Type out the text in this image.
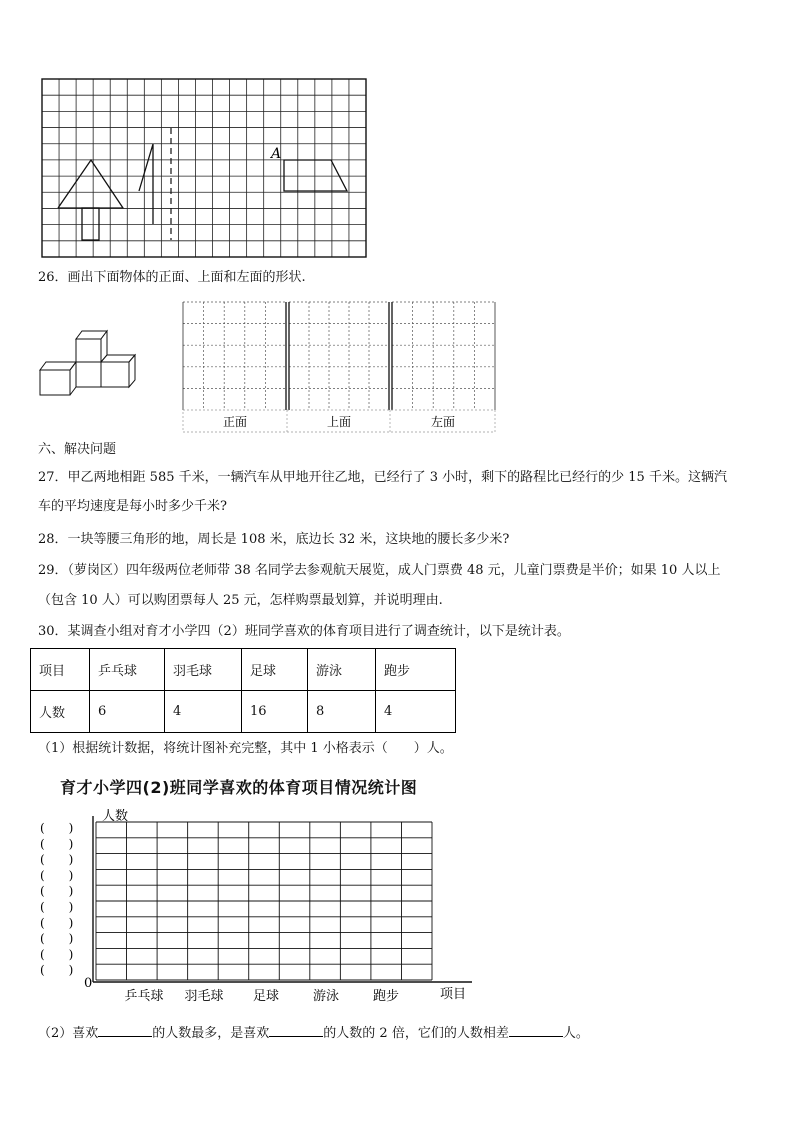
A
26．画出下面物体的正面、上面和左面的形状.
正面	上面	左面
六、解决问题
27．甲乙两地相距 585 千米，一辆汽车从甲地开往乙地，已经行了 3 小时，剩下的路程比已经行的少 15 千米。这辆汽
车的平均速度是每小时多少千米?
28．一块等腰三角形的地，周长是 108 米，底边长 32 米，这块地的腰长多少米?
29．（萝岗区）四年级两位老师带 38 名同学去参观航天展览，成人门票费 48 元，儿童门票费是半价；如果 10 人以上
（包含 10 人）可以购团票每人 25 元，怎样购票最划算，并说明理由.
30．某调查小组对育才小学四（2）班同学喜欢的体育项目进行了调查统计，以下是统计表。
项目	乒乓球	羽毛球	足球	游泳	跑步
人数	6	4	16	8	4
（1）根据统计数据，将统计图补充完整，其中 1 小格表示（　　）人。
育才小学四(2)班同学喜欢的体育项目情况统计图
(　　)
(　　)
(　　)
(　　)
(　　)
(　　)
(　　)
(　　)
(　　)
(　　)
乒乓球 羽毛球 足球	游泳	跑步
人数
项目
0
（2）喜欢	的人数最多，是喜欢	的人数的 2 倍，它们的人数相差	人。
